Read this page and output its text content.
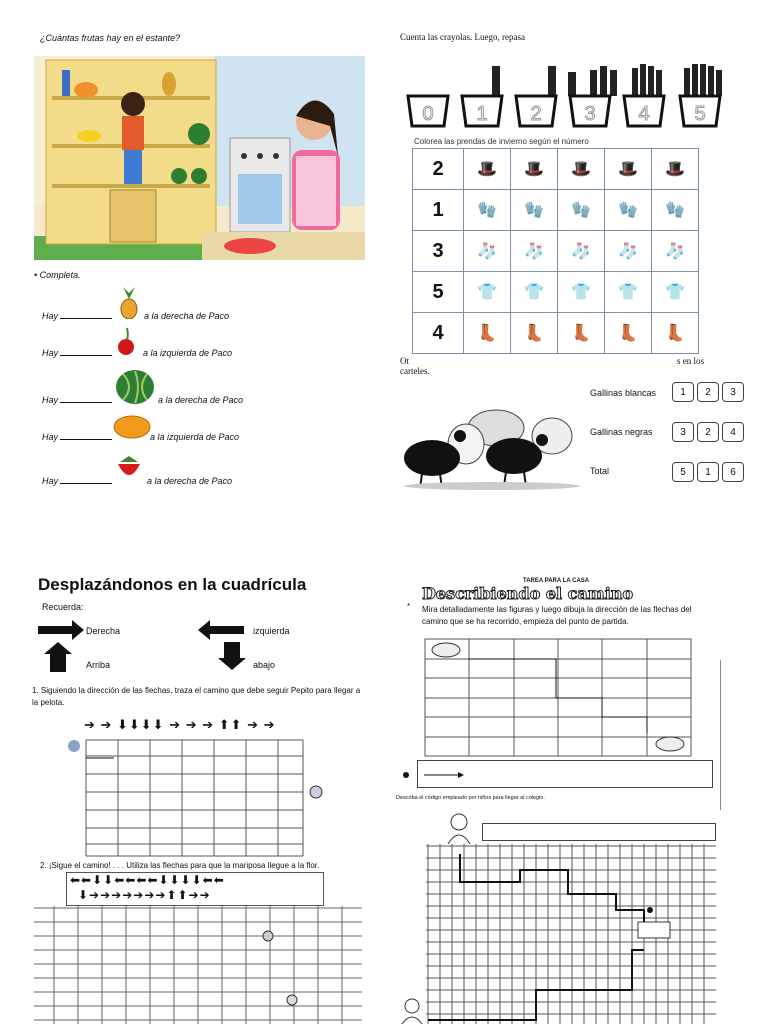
¿Cuántas frutas hay en el estante?
• Completa.
Hay	a la derecha de Paco
Hay	a la izquierda de Paco
Hay	a la derecha de Paco
Hay	a la izquierda de Paco
Hay	a la derecha de Paco
Cuenta las crayolas. Luego, repasa
0 1 2 3 4 5
Colorea las prendas de invierno según el número
2	🎩	🎩	🎩	🎩	🎩
1	🧤	🧤	🧤	🧤	🧤
3	🧦	🧦	🧦	🧦	🧦
5	👕	👕	👕	👕	👕
4	👢	👢	👢	👢	👢
Ot	s en los
carteles.
Gallinas blancas	1	2	3
Gallinas negras	3	2	4
Total	5	1	6
Desplazándonos en la cuadrícula
Recuerda:
Derecha
Arriba
izquierda
abajo
1. Siguiendo la dirección de las flechas, traza el camino que debe seguir Pepito para llegar a la pelota.
➔ ➔ ⬇⬇⬇⬇ ➔ ➔ ➔ ⬆⬆ ➔ ➔
2. ¡Sigue el camino! . . . Utiliza las flechas para que la mariposa llegue a la flor.
⬅⬅⬇⬇⬅⬅⬅⬅⬇⬇⬇⬇⬅⬅
⬇➔➔➔➔➔➔➔⬆⬆➔➔
TAREA PARA LA CASA
Describiendo el camino
* Mira detalladamente las figuras y luego dibuja la dirección de las flechas del camino que se ha recorrido, empieza del punto de partida.
Describa el código empleado por niños para llegar al colegio.
